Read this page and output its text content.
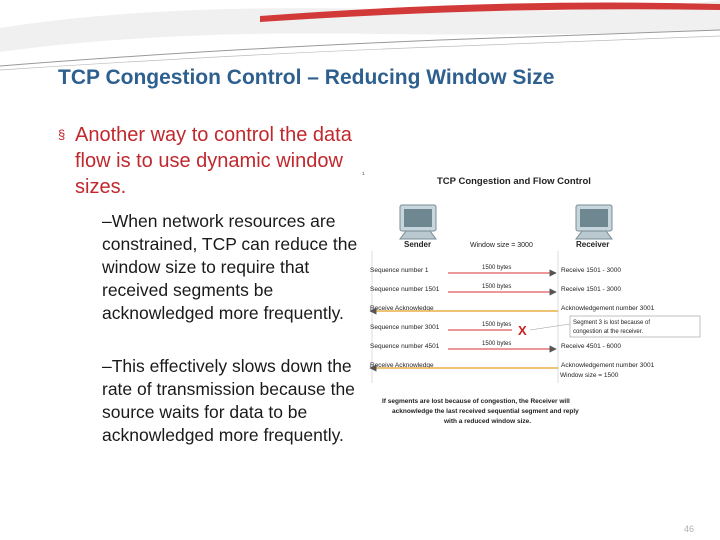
TCP Congestion Control – Reducing Window Size
§ Another way to control the data flow is to use dynamic window sizes.
–When network resources are constrained, TCP can reduce the window size to require that received segments be acknowledged more frequently.
–This effectively slows down the rate of transmission because the source waits for data to be acknowledged more frequently.
¹
TCP Congestion and Flow Control
Sender	Receiver
Window size = 3000
Sequence number 1	1500 bytes	Receive 1501 - 3000
Sequence number 1501	1500 bytes	Receive 1501 - 3000
Receive Acknowledge	Acknowledgement number 3001
Sequence number 3001	1500 bytes X
Sequence number 4501	1500 bytes	Receive 4501 - 6000
Receive Acknowledge	Acknowledgement number 3001
Window size = 1500
Segment 3 is lost because of
congestion at the receiver.
If segments are lost because of congestion, the Receiver will
acknowledge the last received sequential segment and reply
with a reduced window size.
46
